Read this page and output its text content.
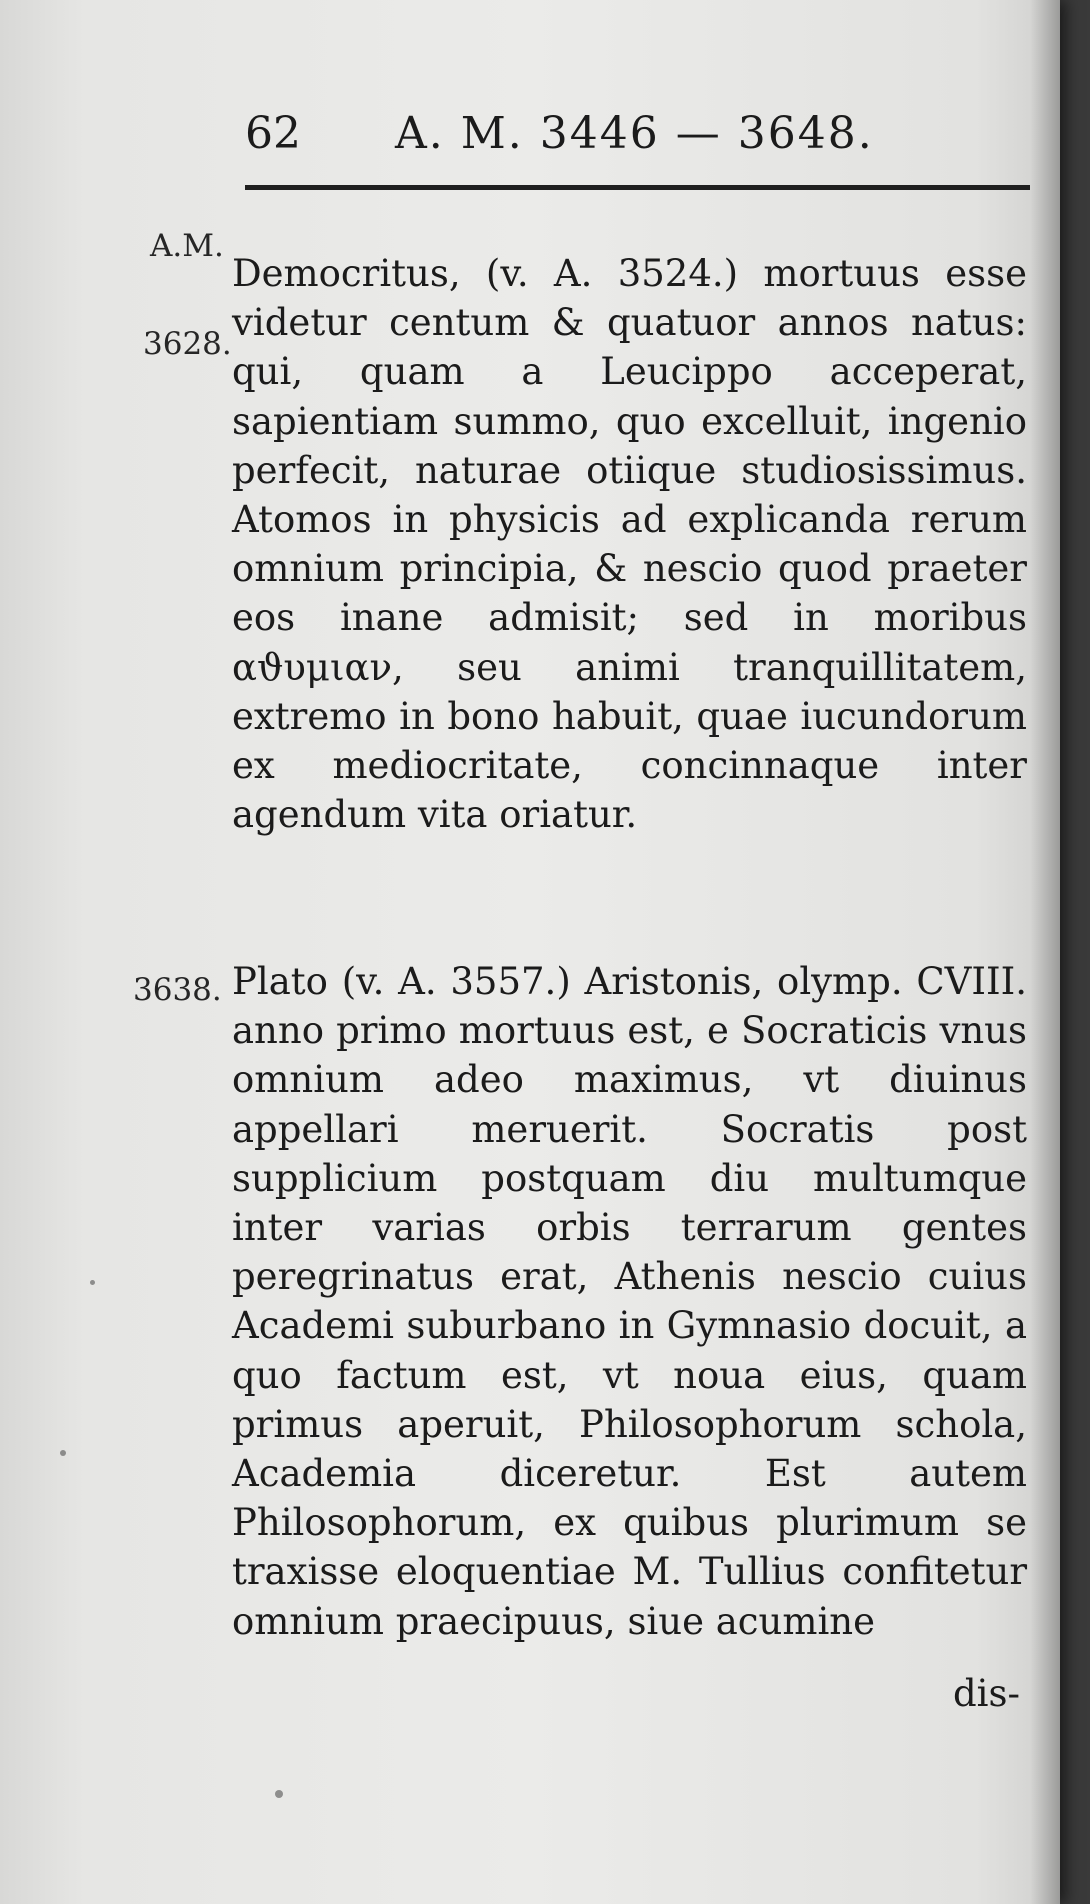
62 A. M. 3446 — 3648.
A.M.
3628.
3638.

Democritus, (v. A. 3524.) mortuus esse videtur centum & quatuor annos natus: qui, quam a Leucippo acceperat, sapientiam summo, quo excelluit, ingenio perfecit, naturae otiique studiosissimus. Atomos in physicis ad explicanda rerum omnium principia, & nescio quod praeter eos inane admisit; sed in moribus αϑυμιαν, seu animi tranquillitatem, extremo in bono habuit, quae iucundorum ex mediocritate, concinnaque inter agendum vita oriatur.

Plato (v. A. 3557.) Aristonis, olymp. CVIII. anno primo mortuus est, e Socraticis vnus omnium adeo maximus, vt diuinus appellari meruerit. Socratis post supplicium postquam diu multumque inter varias orbis terrarum gentes peregrinatus erat, Athenis nescio cuius Academi suburbano in Gymnasio docuit, a quo factum est, vt noua eius, quam primus aperuit, Philosophorum schola, Academia diceretur. Est autem Philosophorum, ex quibus plurimum se traxisse eloquentiae M. Tullius confitetur omnium praecipuus, siue acumine

dis-
